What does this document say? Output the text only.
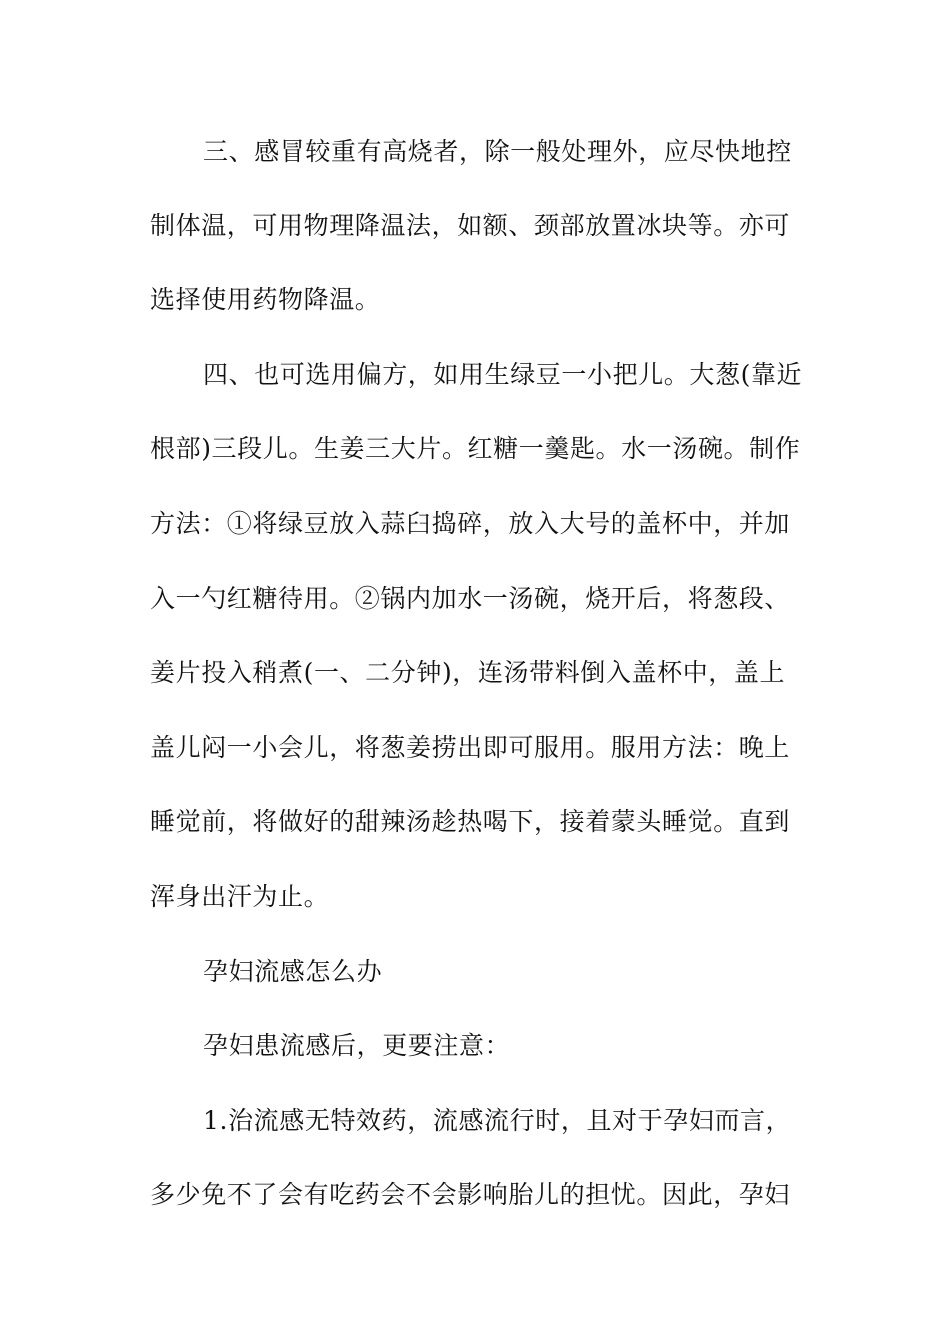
三、感冒较重有高烧者，除一般处理外，应尽快地控
制体温，可用物理降温法，如额、颈部放置冰块等。亦可
选择使用药物降温。
四、也可选用偏方，如用生绿豆一小把儿。大葱(靠近
根部)三段儿。生姜三大片。红糖一羹匙。水一汤碗。制作
方法：①将绿豆放入蒜臼捣碎，放入大号的盖杯中，并加
入一勺红糖待用。②锅内加水一汤碗，烧开后，将葱段、
姜片投入稍煮(一、二分钟)，连汤带料倒入盖杯中，盖上
盖儿闷一小会儿，将葱姜捞出即可服用。服用方法：晚上
睡觉前，将做好的甜辣汤趁热喝下，接着蒙头睡觉。直到
浑身出汗为止。
孕妇流感怎么办
孕妇患流感后，更要注意：
1.治流感无特效药，流感流行时，且对于孕妇而言，
多少免不了会有吃药会不会影响胎儿的担忧。因此，孕妇
